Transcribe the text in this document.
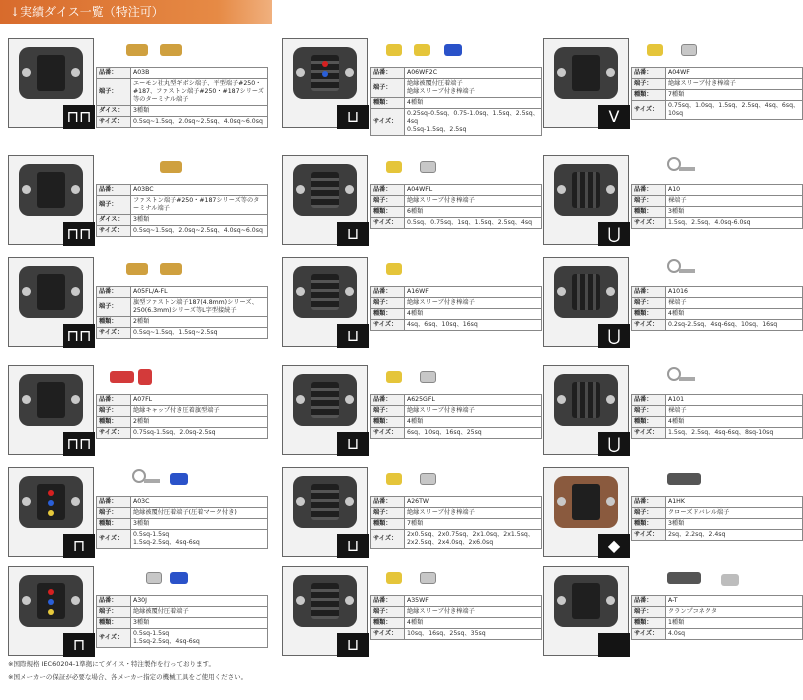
↓実績ダイス一覧（特注可）
⊓⊓
品番：	A03B
端子：	エーモン社丸型ギボシ端子、平型端子#250・#187、ファストン端子#250・#187シリーズ等のターミナル端子
ダイス：	3種類
サイズ：	0.5sq~1.5sq、2.0sq~2.5sq、4.0sq~6.0sq	⊔
品番：	A06WF2C
端子：	絶縁被覆付圧着端子
絶縁スリーブ付き棒端子
種類：	4種類
サイズ：	0.25sq-0.5sq、0.75-1.0sq、1.5sq、2.5sq、4sq
0.5sq-1.5sq、2.5sq
V
品番：	A04WF
端子：	絶縁スリーブ付き棒端子
種類：	7種類
サイズ：	0.75sq、1.0sq、1.5sq、2.5sq、4sq、6sq、10sq
⊓⊓
品番：	A03BC
端子：	ファストン端子#250・#187シリーズ等のターミナル端子
ダイス：	3種類
サイズ：	0.5sq~1.5sq、2.0sq~2.5sq、4.0sq~6.0sq	⊔
品番：	A04WFL
端子：	絶縁スリーブ付き棒端子
種類：	6種類
サイズ：	0.5sq、0.75sq、1sq、1.5sq、2.5sq、4sq
⋃
品番：	A10
端子：	裸端子
種類：	3種類
サイズ：	1.5sq、2.5sq、4.0sq-6.0sq
⊓⊓
品番：	A05FL/A-FL
端子：	旗型ファストン端子187(4.8mm)シリーズ、250(6.3mm)シリーズ等L字型接続子
種類：	2種類
サイズ：	0.5sq~1.5sq、1.5sq~2.5sq	⊔
品番：	A16WF
端子：	絶縁スリーブ付き棒端子
種類：	4種類
サイズ：	4sq、6sq、10sq、16sq
⋃
品番：	A1016
端子：	裸端子
種類：	4種類
サイズ：	0.2sq-2.5sq、4sq-6sq、10sq、16sq
⊓⊓
品番：	A07FL
端子：	絶縁キャップ付き圧着旗型端子
種類：	2種類
サイズ：	0.75sq-1.5sq、2.0sq-2.5sq
⊔
品番：	A625GFL
端子：	絶縁スリーブ付き棒端子
種類：	4種類
サイズ：	6sq、10sq、16sq、25sq
⋃
品番：	A101
端子：	裸端子
種類：	4種類
サイズ：	1.5sq、2.5sq、4sq-6sq、8sq-10sq
⊓
品番：	A03C
端子：	絶縁被覆付圧着端子(圧着マーク付き)
種類：	3種類
サイズ：	0.5sq-1.5sq
1.5sq-2.5sq、4sq-6sq	⊔
品番：	A26TW
端子：	絶縁スリーブ付き棒端子
種類：	7種類
サイズ：	2x0.5sq、2x0.75sq、2x1.0sq、2x1.5sq、2x2.5sq、2x4.0sq、2x6.0sq	◆
品番：	A1HK
端子：	クローズドバレル端子
種類：	3種類
サイズ：	2sq、2.2sq、2.4sq
⊓
品番：	A30J
端子：	絶縁被覆付圧着端子
種類：	3種類
サイズ：	0.5sq-1.5sq
1.5sq-2.5sq、4sq-6sq	⊔
品番：	A35WF
端子：	絶縁スリーブ付き棒端子
種類：	4種類
サイズ：	10sq、16sq、25sq、35sq
品番：	A-T
端子：	クランプコネクタ
種類：	1種類
サイズ：	4.0sq
※国際規格 IEC60204-1準拠にてダイス・特注製作を行っております。
※国メーカーの保証が必要な場合、各メーカー指定の機械工具をご使用ください。
